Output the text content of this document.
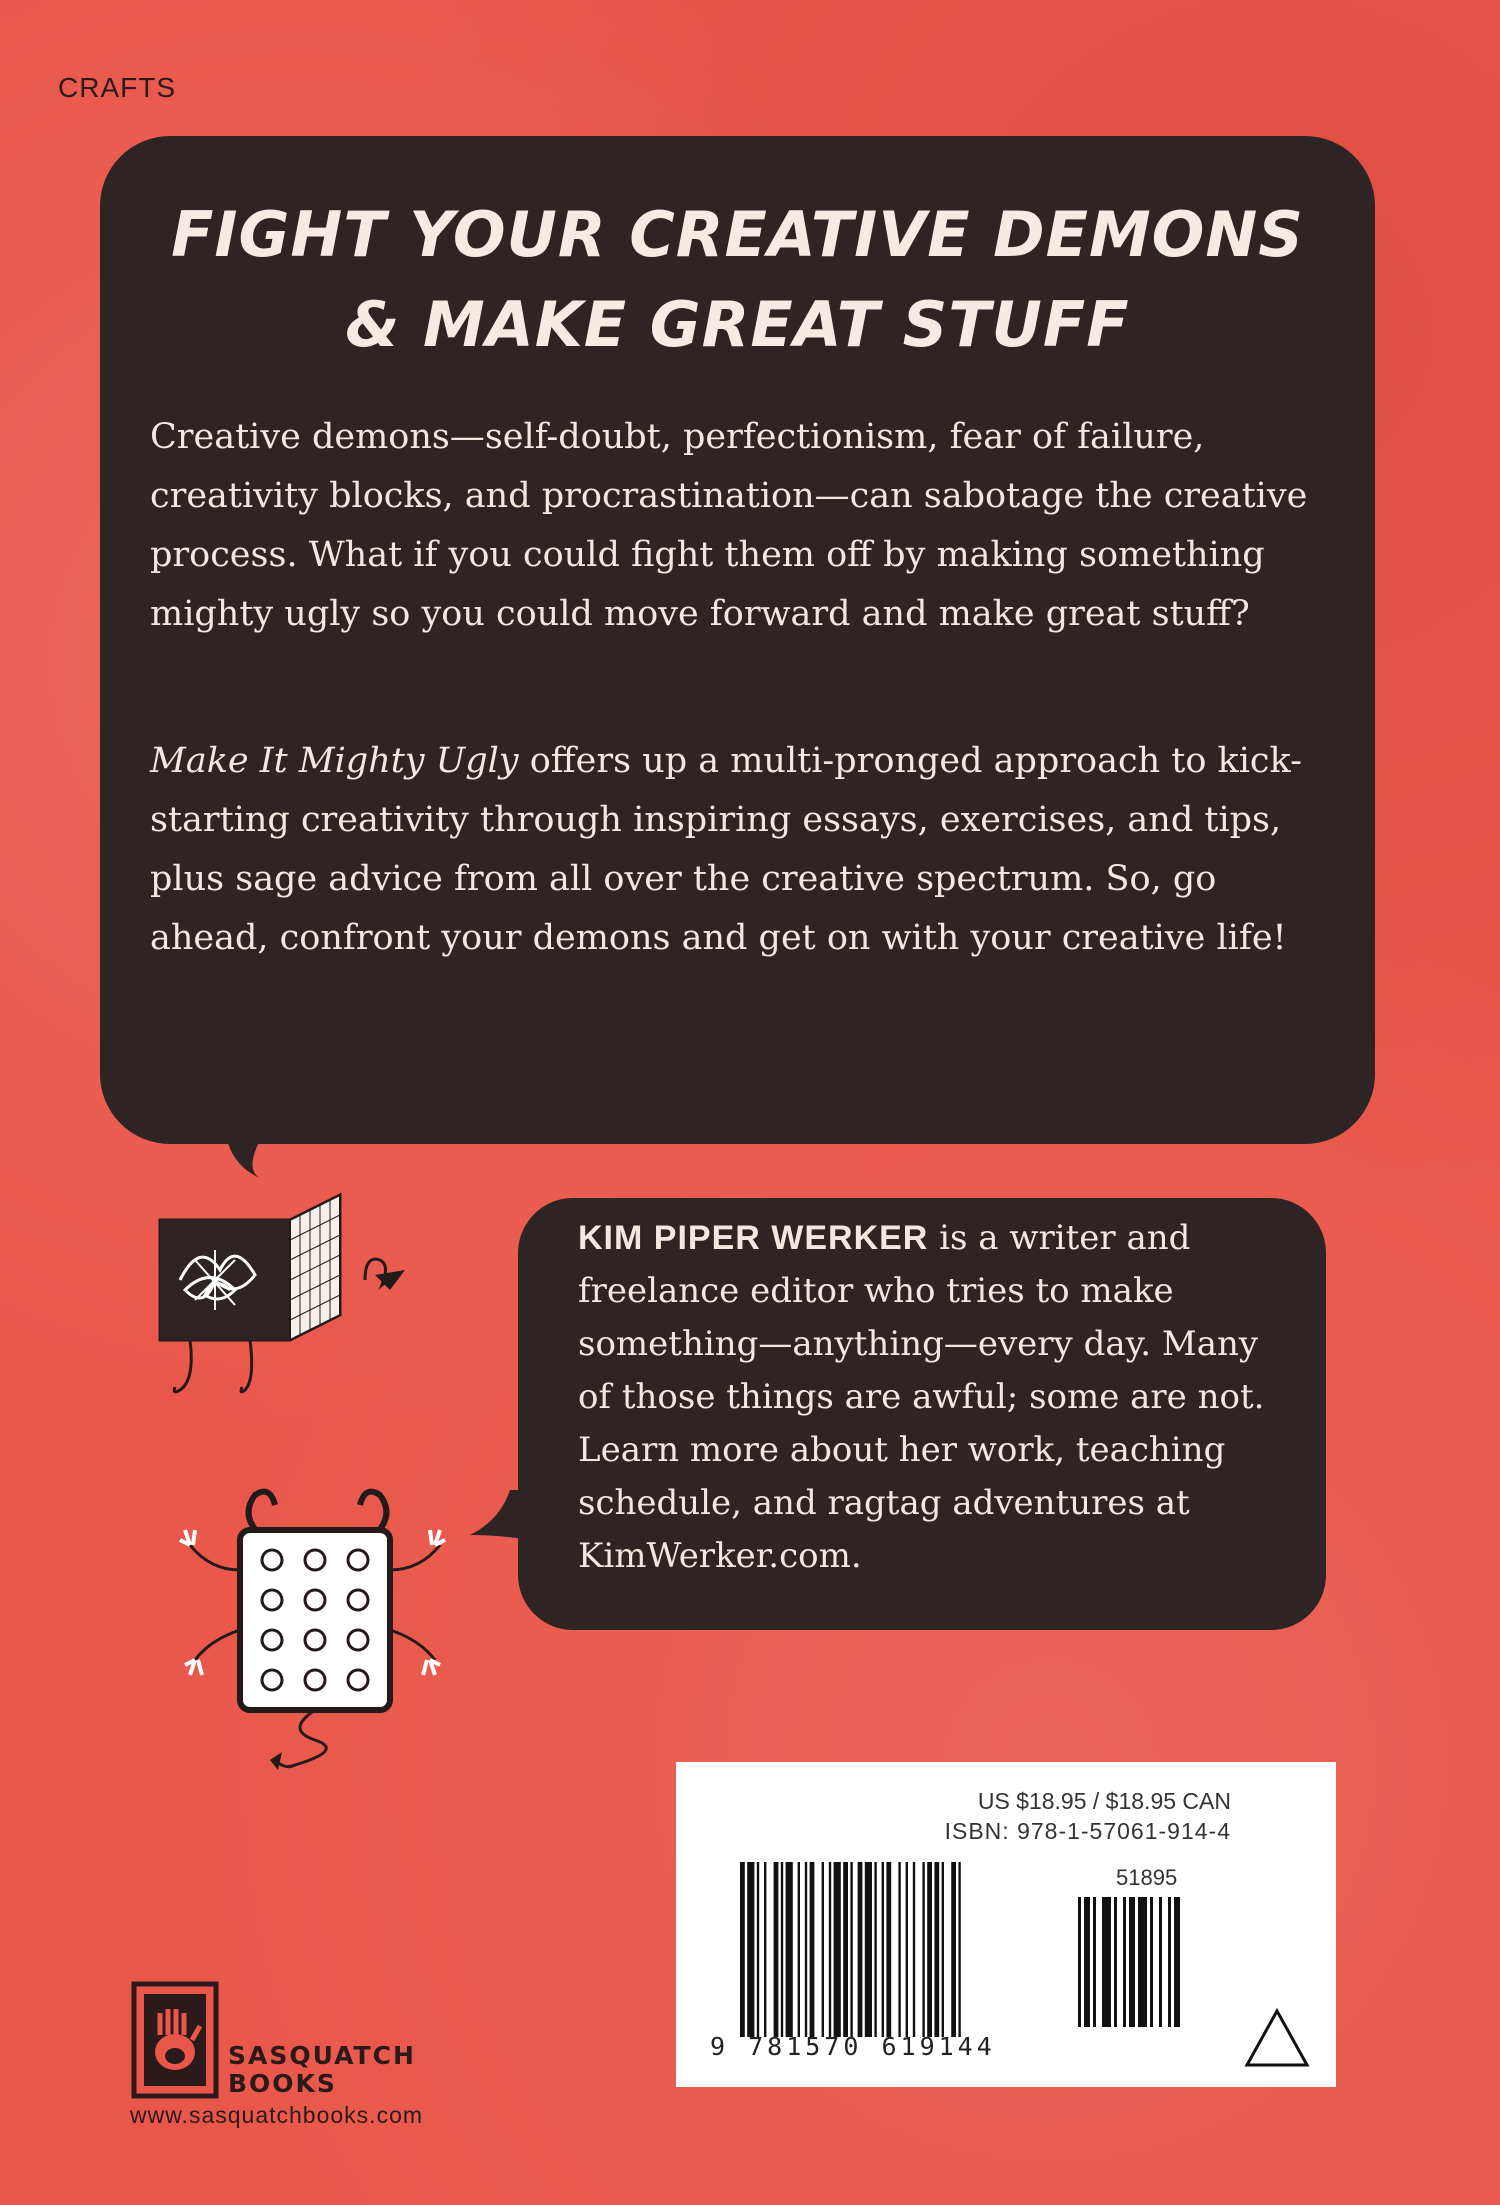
CRAFTS
FIGHT YOUR CREATIVE DEMONS
& MAKE GREAT STUFF

Creative demons—self-doubt, perfectionism, fear of failure, creativity blocks, and procrastination—can sabotage the creative process. What if you could fight them off by making something mighty ugly so you could move forward and make great stuff?

Make It Mighty Ugly offers up a multi-pronged approach to kick-starting creativity through inspiring essays, exercises, and tips, plus sage advice from all over the creative spectrum. So, go ahead, confront your demons and get on with your creative life!

KIM PIPER WERKER is a writer and freelance editor who tries to make something—anything—every day. Many of those things are awful; some are not. Learn more about her work, teaching schedule, and ragtag adventures at KimWerker.com.

US $18.95 / $18.95 CAN
ISBN: 978-1-57061-914-4
9 781570 619144
51895

SASQUATCH
BOOKS

www.sasquatchbooks.com
